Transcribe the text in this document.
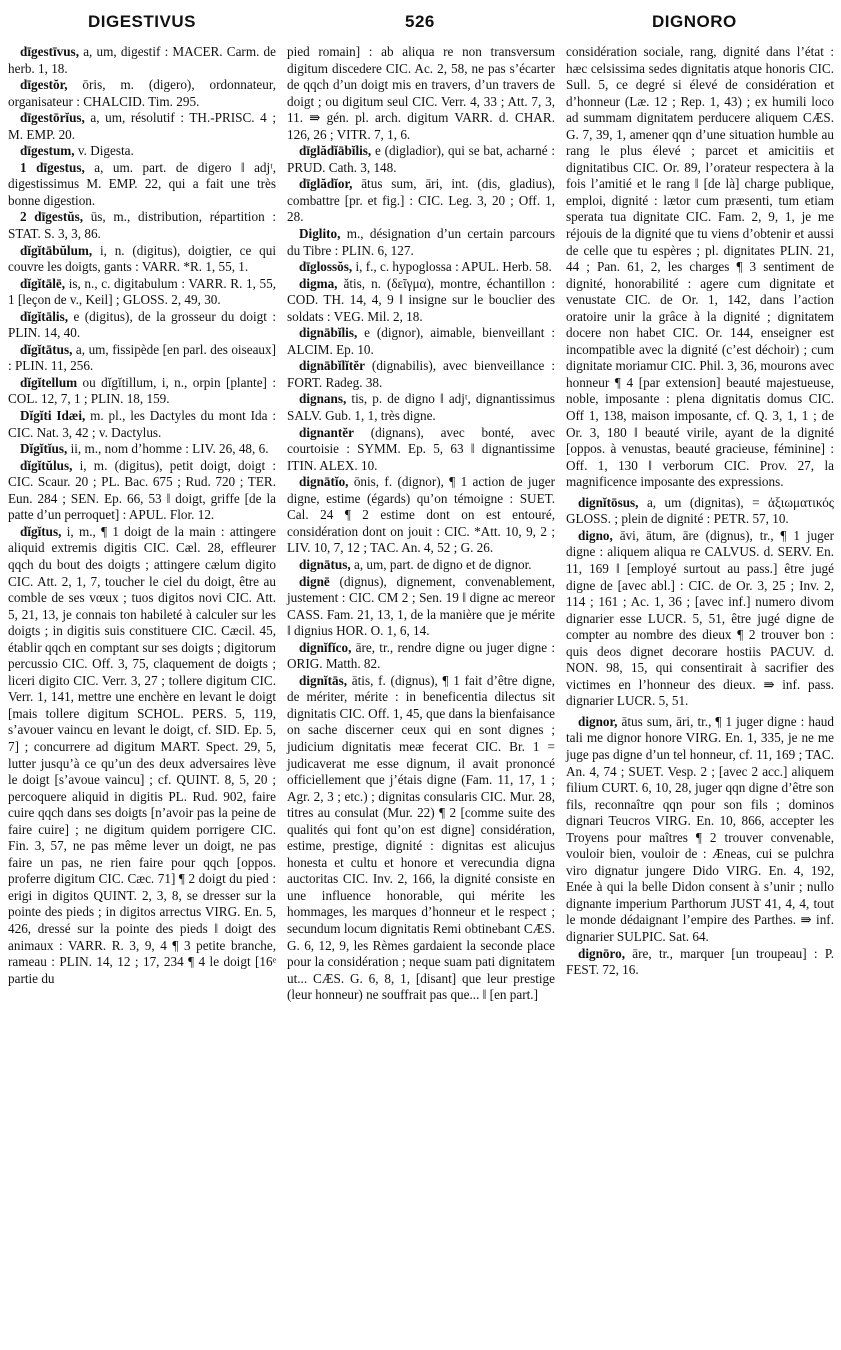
DIGESTIVUS	526	DIGNORO

dīgestīvus, a, um, digestif : MACER. Carm. de herb. 1, 18.

dīgestŏr, ōris, m. (digero), ordonnateur, organisateur : CHALCID. Tim. 295.

dīgestōrĭus, a, um, résolutif : TH.-PRISC. 4 ; M. EMP. 20.

dīgestum, v. Digesta.

1 dīgestus, a, um. part. de digero ‖ adjᵗ, digestissimus M. EMP. 22, qui a fait une très bonne digestion.

2 dīgestŭs, ūs, m., distribution, répartition : STAT. S. 3, 3, 86.

dĭgĭtābŭlum, i, n. (digitus), doigtier, ce qui couvre les doigts, gants : VARR. *R. 1, 55, 1.

dĭgĭtālē, is, n., c. digitabulum : VARR. R. 1, 55, 1 [leçon de v., Keil] ; GLOSS. 2, 49, 30.

dĭgĭtālis, e (digitus), de la grosseur du doigt : PLIN. 14, 40.

dĭgĭtātus, a, um, fissipède [en parl. des oiseaux] : PLIN. 11, 256.

dĭgĭtellum ou dĭgĭtillum, i, n., orpin [plante] : COL. 12, 7, 1 ; PLIN. 18, 159.

Dĭgĭti Idæi, m. pl., les Dactyles du mont Ida : CIC. Nat. 3, 42 ; v. Dactylus.

Dĭgĭtĭus, ii, m., nom d’homme : LIV. 26, 48, 6.

dĭgĭtŭlus, i, m. (digitus), petit doigt, doigt : CIC. Scaur. 20 ; PL. Bac. 675 ; Rud. 720 ; TER. Eun. 284 ; SEN. Ep. 66, 53 ‖ doigt, griffe [de la patte d’un perroquet] : APUL. Flor. 12.

dĭgĭtus, i, m., ¶ 1 doigt de la main : attingere aliquid extremis digitis CIC. Cæl. 28, effleurer qqch du bout des doigts ; attingere cælum digito CIC. Att. 2, 1, 7, toucher le ciel du doigt, être au comble de ses vœux ; tuos digitos novi CIC. Att. 5, 21, 13, je connais ton habileté à calculer sur les doigts ; in digitis suis constituere CIC. Cæcil. 45, établir qqch en comptant sur ses doigts ; digitorum percussio CIC. Off. 3, 75, claquement de doigts ; liceri digito CIC. Verr. 3, 27 ; tollere digitum CIC. Verr. 1, 141, mettre une enchère en levant le doigt [mais tollere digitum SCHOL. PERS. 5, 119, s’avouer vaincu en levant le doigt, cf. SID. Ep. 5, 7] ; concurrere ad digitum MART. Spect. 29, 5, lutter jusqu’à ce qu’un des deux adversaires lève le doigt [s’avoue vaincu] ; cf. QUINT. 8, 5, 20 ; percoquere aliquid in digitis PL. Rud. 902, faire cuire qqch dans ses doigts [n’avoir pas la peine de faire cuire] ; ne digitum quidem porrigere CIC. Fin. 3, 57, ne pas même lever un doigt, ne pas faire un pas, ne rien faire pour qqch [oppos. proferre digitum CIC. Cæc. 71] ¶ 2 doigt du pied : erigi in digitos QUINT. 2, 3, 8, se dresser sur la pointe des pieds ; in digitos arrectus VIRG. En. 5, 426, dressé sur la pointe des pieds ‖ doigt des animaux : VARR. R. 3, 9, 4 ¶ 3 petite branche, rameau : PLIN. 14, 12 ; 17, 234 ¶ 4 le doigt [16ᵉ partie du

pied romain] : ab aliqua re non transversum digitum discedere CIC. Ac. 2, 58, ne pas s’écarter de qqch d’un doigt mis en travers, d’un travers de doigt ; ou digitum seul CIC. Verr. 4, 33 ; Att. 7, 3, 11. ⇛ gén. pl. arch. digitum VARR. d. CHAR. 126, 26 ; VITR. 7, 1, 6.

dīglădĭābĭlis, e (digladior), qui se bat, acharné : PRUD. Cath. 3, 148.

dīglădĭor, ātus sum, āri, int. (dis, gladius), combattre [pr. et fig.] : CIC. Leg. 3, 20 ; Off. 1, 28.

Diglito, m., désignation d’un certain parcours du Tibre : PLIN. 6, 127.

dīglossŏs, i, f., c. hypoglossa : APUL. Herb. 58.

digma, ătis, n. (δεῖγμα), montre, échantillon : COD. TH. 14, 4, 9 ‖ insigne sur le bouclier des soldats : VEG. Mil. 2, 18.

dignābĭlis, e (dignor), aimable, bienveillant : ALCIM. Ep. 10.

dignābĭlĭtĕr (dignabilis), avec bienveillance : FORT. Radeg. 38.

dignans, tis, p. de digno ‖ adjᵗ, dignantissimus SALV. Gub. 1, 1, très digne.

dignantĕr (dignans), avec bonté, avec courtoisie : SYMM. Ep. 5, 63 ‖ dignantissime ITIN. ALEX. 10.

dignātĭo, ōnis, f. (dignor), ¶ 1 action de juger digne, estime (égards) qu’on témoigne : SUET. Cal. 24 ¶ 2 estime dont on est entouré, considération dont on jouit : CIC. *Att. 10, 9, 2 ; LIV. 10, 7, 12 ; TAC. An. 4, 52 ; G. 26.

dignātus, a, um, part. de digno et de dignor.

dignē (dignus), dignement, convenablement, justement : CIC. CM 2 ; Sen. 19 ‖ digne ac mereor CASS. Fam. 21, 13, 1, de la manière que je mérite ‖ dignius HOR. O. 1, 6, 14.

dignĭfĭco, āre, tr., rendre digne ou juger digne : ORIG. Matth. 82.

dignĭtās, ātis, f. (dignus), ¶ 1 fait d’être digne, de mériter, mérite : in beneficentia dilectus sit dignitatis CIC. Off. 1, 45, que dans la bienfaisance on sache discerner ceux qui en sont dignes ; judicium dignitatis meæ fecerat CIC. Br. 1 = judicaverat me esse dignum, il avait prononcé officiellement que j’étais digne (Fam. 11, 17, 1 ; Agr. 2, 3 ; etc.) ; dignitas consularis CIC. Mur. 28, titres au consulat (Mur. 22) ¶ 2 [comme suite des qualités qui font qu’on est digne] considération, estime, prestige, dignité : dignitas est alicujus honesta et cultu et honore et verecundia digna auctoritas CIC. Inv. 2, 166, la dignité consiste en une influence honorable, qui mérite les hommages, les marques d’honneur et le respect ; secundum locum dignitatis Remi obtinebant CÆS. G. 6, 12, 9, les Rèmes gardaient la seconde place pour la considération ; neque suam pati dignitatem ut... CÆS. G. 6, 8, 1, [disant] que leur prestige (leur honneur) ne souffrait pas que... ‖ [en part.]

considération sociale, rang, dignité dans l’état : hæc celsissima sedes dignitatis atque honoris CIC. Sull. 5, ce degré si élevé de considération et d’honneur (Læ. 12 ; Rep. 1, 43) ; ex humili loco ad summam dignitatem perducere aliquem CÆS. G. 7, 39, 1, amener qqn d’une situation humble au rang le plus élevé ; parcet et amicitiis et dignitatibus CIC. Or. 89, l’orateur respectera à la fois l’amitié et le rang ‖ [de là] charge publique, emploi, dignité : lætor cum præsenti, tum etiam sperata tua dignitate CIC. Fam. 2, 9, 1, je me réjouis de la dignité que tu viens d’obtenir et aussi de celle que tu espères ; pl. dignitates PLIN. 21, 44 ; Pan. 61, 2, les charges ¶ 3 sentiment de dignité, honorabilité : agere cum dignitate et venustate CIC. de Or. 1, 142, dans l’action oratoire unir la grâce à la dignité ; dignitatem docere non habet CIC. Or. 144, enseigner est incompatible avec la dignité (c’est déchoir) ; cum dignitate moriamur CIC. Phil. 3, 36, mourons avec honneur ¶ 4 [par extension] beauté majestueuse, noble, imposante : plena dignitatis domus CIC. Off 1, 138, maison imposante, cf. Q. 3, 1, 1 ; de Or. 3, 180 ‖ beauté virile, ayant de la dignité [oppos. à venustas, beauté gracieuse, féminine] : Off. 1, 130 ‖ verborum CIC. Prov. 27, la magnificence imposante des expressions.

dignĭtōsus, a, um (dignitas), = ἀξιωματικός GLOSS. ; plein de dignité : PETR. 57, 10.

digno, āvi, ātum, āre (dignus), tr., ¶ 1 juger digne : aliquem aliqua re CALVUS. d. SERV. En. 11, 169 ‖ [employé surtout au pass.] être jugé digne de [avec abl.] : CIC. de Or. 3, 25 ; Inv. 2, 114 ; 161 ; Ac. 1, 36 ; [avec inf.] numero divom dignarier esse LUCR. 5, 51, être jugé digne de compter au nombre des dieux ¶ 2 trouver bon : quis deos dignet decorare hostiis PACUV. d. NON. 98, 15, qui consentirait à sacrifier des victimes en l’honneur des dieux. ⇛ inf. pass. dignarier LUCR. 5, 51.

dignor, ātus sum, āri, tr., ¶ 1 juger digne : haud tali me dignor honore VIRG. En. 1, 335, je ne me juge pas digne d’un tel honneur, cf. 11, 169 ; TAC. An. 4, 74 ; SUET. Vesp. 2 ; [avec 2 acc.] aliquem filium CURT. 6, 10, 28, juger qqn digne d’être son fils, reconnaître qqn pour son fils ; dominos dignari Teucros VIRG. En. 10, 866, accepter les Troyens pour maîtres ¶ 2 trouver convenable, vouloir bien, vouloir de : Æneas, cui se pulchra viro dignatur jungere Dido VIRG. En. 4, 192, Enée à qui la belle Didon consent à s’unir ; nullo dignante imperium Parthorum JUST 41, 4, 4, tout le monde dédaignant l’empire des Parthes. ⇛ inf. dignarier SULPIC. Sat. 64.

dignōro, āre, tr., marquer [un troupeau] : P. FEST. 72, 16.
